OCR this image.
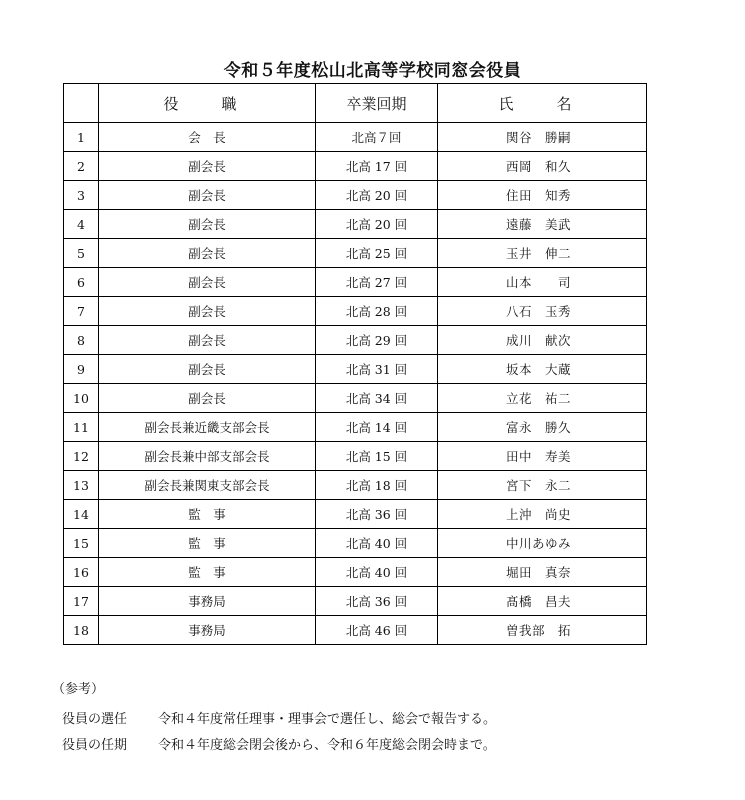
令和５年度松山北高等学校同窓会役員
	役　職	卒業回期	氏　名
1	会　長	北高７回	関谷　勝嗣
2	副会長	北高 17 回	西岡　和久
3	副会長	北高 20 回	住田　知秀
4	副会長	北高 20 回	遠藤　美武
5	副会長	北高 25 回	玉井　伸二
6	副会長	北高 27 回	山本　　司
7	副会長	北高 28 回	八石　玉秀
8	副会長	北高 29 回	成川　献次
9	副会長	北高 31 回	坂本　大蔵
10	副会長	北高 34 回	立花　祐二
11	副会長兼近畿支部会長	北高 14 回	富永　勝久
12	副会長兼中部支部会長	北高 15 回	田中　寿美
13	副会長兼関東支部会長	北高 18 回	宮下　永二
14	監　事	北高 36 回	上沖　尚史
15	監　事	北高 40 回	中川あゆみ
16	監　事	北高 40 回	堀田　真奈
17	事務局	北高 36 回	髙橋　昌夫
18	事務局	北高 46 回	曽我部　拓
（参考）
役員の選任	令和４年度常任理事・理事会で選任し、総会で報告する。
役員の任期	令和４年度総会閉会後から、令和６年度総会閉会時まで。
